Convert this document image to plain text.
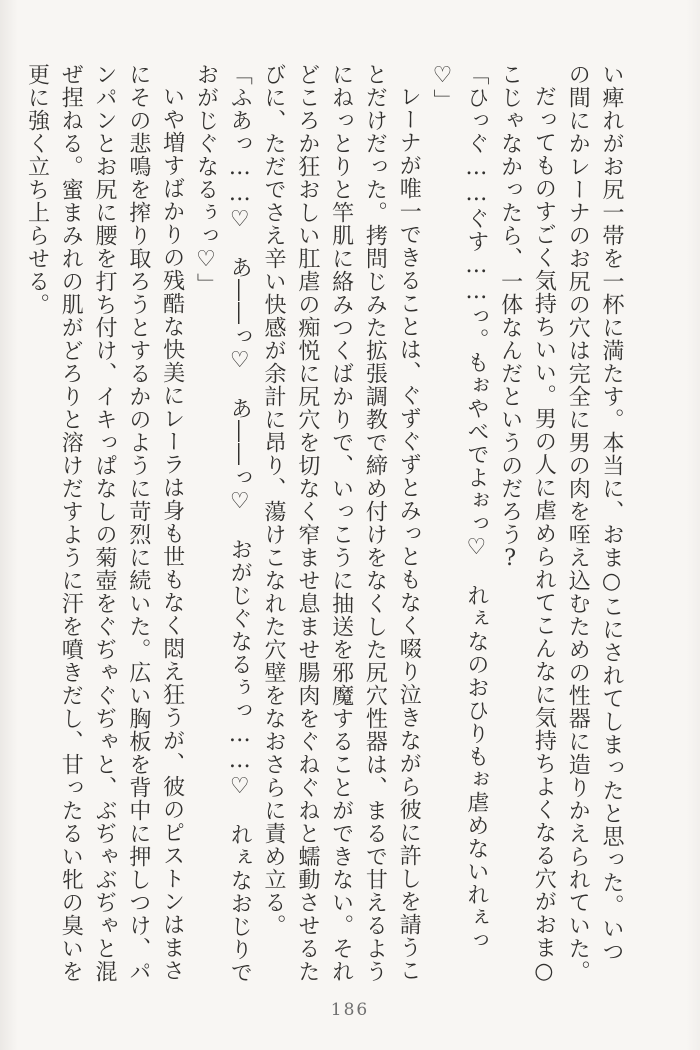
い痺れがお尻一帯を一杯に満たす。本当に、おま○こにされてしまったと思った。いつの間にかレーナのお尻の穴は完全に男の肉を咥え込むための性器に造りかえられていた。

だってものすごく気持ちいい。男の人に虐められてこんなに気持ちよくなる穴がおま○こじゃなかったら、一体なんだというのだろう?

「ひっぐ……ぐす……っ。もぉやべでよぉっ♡　れぇなのおひりもぉ虐めないれぇっ♡」

レーナが唯一できることは、ぐずぐずとみっともなく啜り泣きながら彼に許しを請うことだけだった。拷問じみた拡張調教で締め付けをなくした尻穴性器は、まるで甘えるようにねっとりと竿肌に絡みつくばかりで、いっこうに抽送を邪魔することができない。それどころか狂おしい肛虐の痴悦に尻穴を切なく窄ませ息ませ腸肉をぐねぐねと蠕動させるたびに、ただでさえ辛い快感が余計に昂り、蕩けこなれた穴壁をなおさらに責め立る。

「ふあっ……♡　あ――っ♡　あ――っ♡　おがじぐなるぅっ……♡　れぇなおじりでおがじぐなるぅっ♡」

いや増すばかりの残酷な快美にレーラは身も世もなく悶え狂うが、彼のピストンはまさにその悲鳴を搾り取ろうとするかのように苛烈に続いた。広い胸板を背中に押しつけ、パンパンとお尻に腰を打ち付け、イキっぱなしの菊壺をぐぢゃぐぢゃと、ぶぢゃぶぢゃと混ぜ捏ねる。蜜まみれの肌がどろりと溶けだすように汗を噴きだし、甘ったるい牝の臭いを更に強く立ち上らせる。

186
